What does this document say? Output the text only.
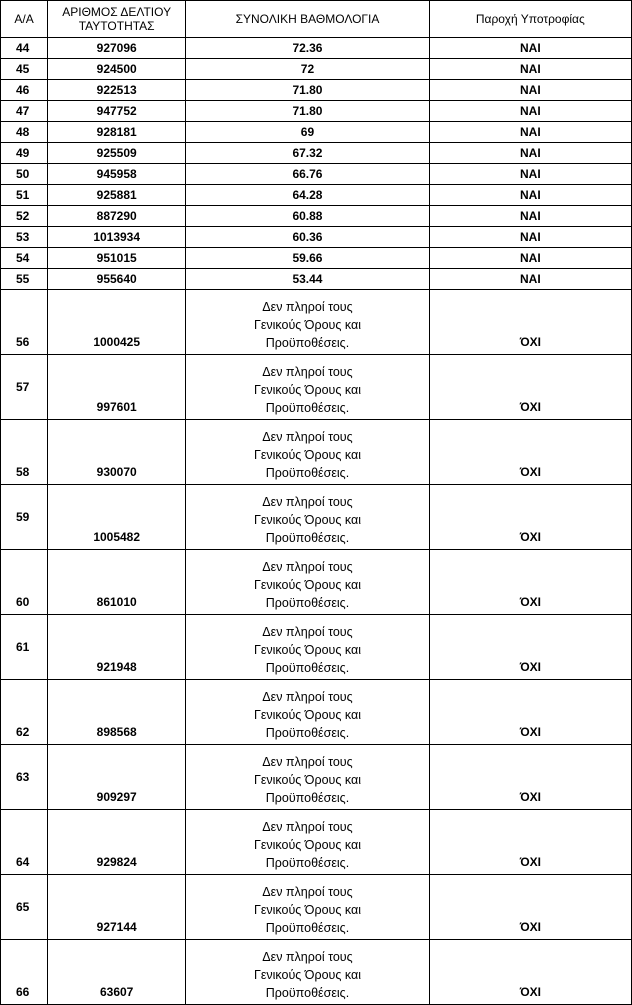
Α/Α	ΑΡΙΘΜΟΣ ΔΕΛΤΙΟΥ
ΤΑΥΤΟΤΗΤΑΣ	ΣΥΝΟΛΙΚΗ ΒΑΘΜΟΛΟΓΙΑ	Παροχή Υποτροφίας
44	927096	72.36	ΝΑΙ
45	924500	72	ΝΑΙ
46	922513	71.80	ΝΑΙ
47	947752	71.80	ΝΑΙ
48	928181	69	ΝΑΙ
49	925509	67.32	ΝΑΙ
50	945958	66.76	ΝΑΙ
51	925881	64.28	ΝΑΙ
52	887290	60.88	ΝΑΙ
53	1013934	60.36	ΝΑΙ
54	951015	59.66	ΝΑΙ
55	955640	53.44	ΝΑΙ
56	1000425	Δεν πληροί τους
Γενικούς Όρους και
Προϋποθέσεις.	ΌΧΙ
57	997601	Δεν πληροί τους
Γενικούς Όρους και
Προϋποθέσεις.	ΌΧΙ
58	930070	Δεν πληροί τους
Γενικούς Όρους και
Προϋποθέσεις.	ΌΧΙ
59	1005482	Δεν πληροί τους
Γενικούς Όρους και
Προϋποθέσεις.	ΌΧΙ
60	861010	Δεν πληροί τους
Γενικούς Όρους και
Προϋποθέσεις.	ΌΧΙ
61	921948	Δεν πληροί τους
Γενικούς Όρους και
Προϋποθέσεις.	ΌΧΙ
62	898568	Δεν πληροί τους
Γενικούς Όρους και
Προϋποθέσεις.	ΌΧΙ
63	909297	Δεν πληροί τους
Γενικούς Όρους και
Προϋποθέσεις.	ΌΧΙ
64	929824	Δεν πληροί τους
Γενικούς Όρους και
Προϋποθέσεις.	ΌΧΙ
65	927144	Δεν πληροί τους
Γενικούς Όρους και
Προϋποθέσεις.	ΌΧΙ
66	63607	Δεν πληροί τους
Γενικούς Όρους και
Προϋποθέσεις.	ΌΧΙ
